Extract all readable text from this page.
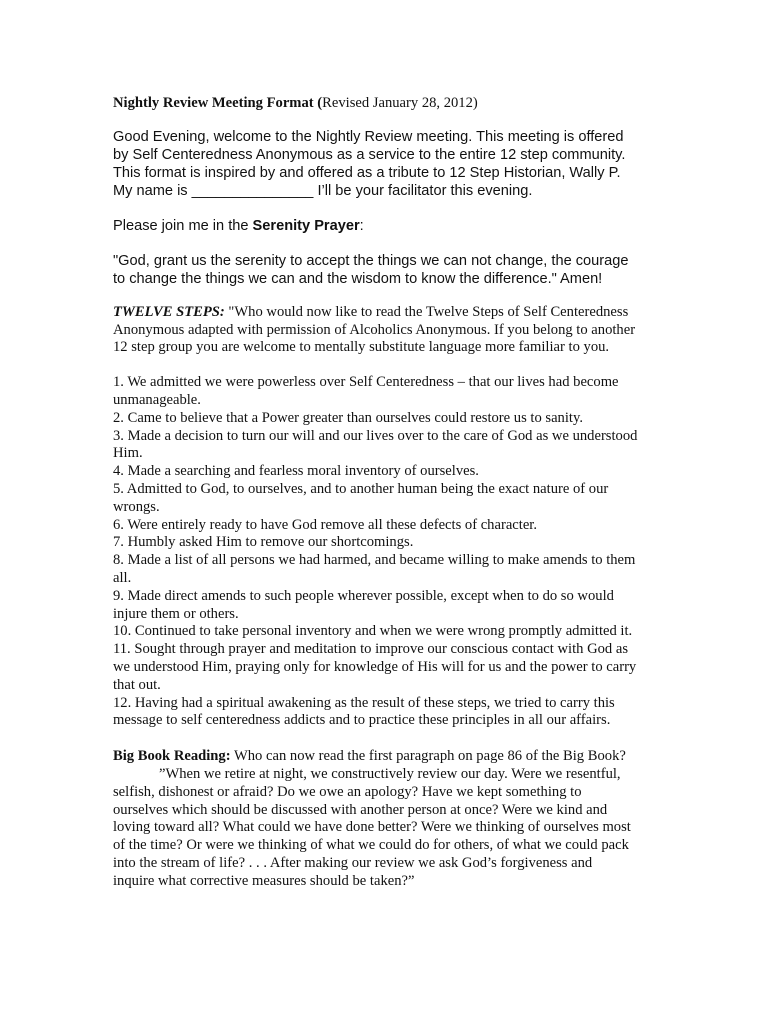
Nightly Review Meeting Format (Revised January 28, 2012)

Good Evening, welcome to the Nightly Review meeting. This meeting is offered
by Self Centeredness Anonymous as a service to the entire 12 step community.
This format is inspired by and offered as a tribute to 12 Step Historian, Wally P.
My name is _______________ I’ll be your facilitator this evening.

Please join me in the Serenity Prayer:

"God, grant us the serenity to accept the things we can not change, the courage
to change the things we can and the wisdom to know the difference." Amen!
TWELVE STEPS: "Who would now like to read the Twelve Steps of Self Centeredness
Anonymous adapted with permission of Alcoholics Anonymous. If you belong to another
12 step group you are welcome to mentally substitute language more familiar to you.
1. We admitted we were powerless over Self Centeredness – that our lives had become
unmanageable.
2. Came to believe that a Power greater than ourselves could restore us to sanity.
3. Made a decision to turn our will and our lives over to the care of God as we understood
Him.
4. Made a searching and fearless moral inventory of ourselves.
5. Admitted to God, to ourselves, and to another human being the exact nature of our
wrongs.
6. Were entirely ready to have God remove all these defects of character.
7. Humbly asked Him to remove our shortcomings.
8. Made a list of all persons we had harmed, and became willing to make amends to them
all.
9. Made direct amends to such people wherever possible, except when to do so would
injure them or others.
10. Continued to take personal inventory and when we were wrong promptly admitted it.
11. Sought through prayer and meditation to improve our conscious contact with God as
we understood Him, praying only for knowledge of His will for us and the power to carry
that out.
12. Having had a spiritual awakening as the result of these steps, we tried to carry this
message to self centeredness addicts and to practice these principles in all our affairs.
Big Book Reading: Who can now read the first paragraph on page 86 of the Big Book?
”When we retire at night, we constructively review our day. Were we resentful,
selfish, dishonest or afraid? Do we owe an apology? Have we kept something to
ourselves which should be discussed with another person at once? Were we kind and
loving toward all? What could we have done better? Were we thinking of ourselves most
of the time? Or were we thinking of what we could do for others, of what we could pack
into the stream of life? . . . After making our review we ask God’s forgiveness and
inquire what corrective measures should be taken?”
